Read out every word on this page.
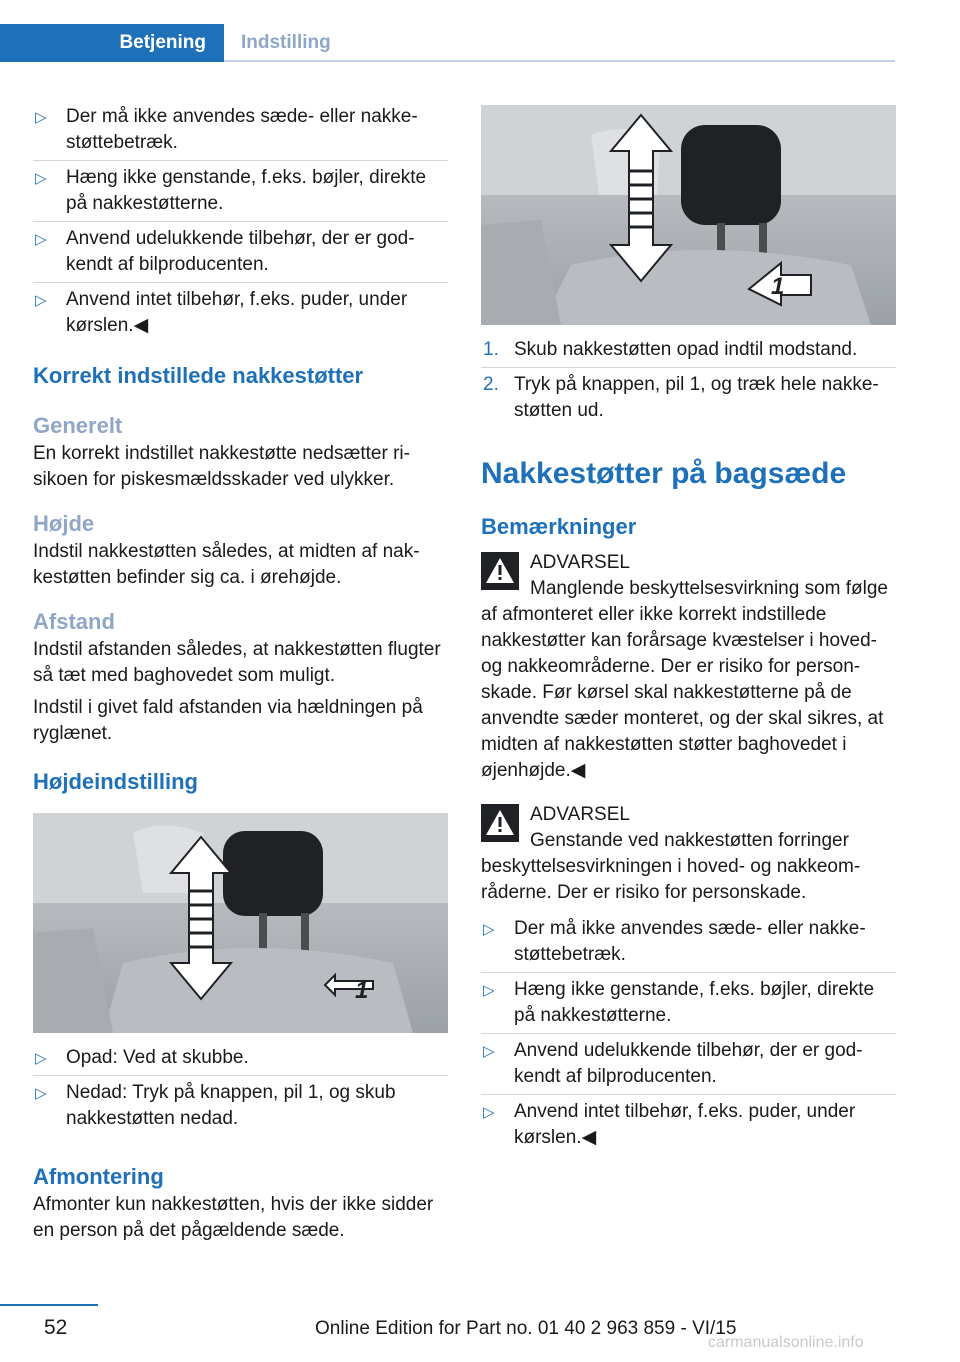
Betjening	Indstilling
▷ Der må ikke anvendes sæde- eller nakkestøttebetræk.
▷ Hæng ikke genstande, f.eks. bøjler, direkte på nakkestøtterne.
▷ Anvend udelukkende tilbehør, der er godkendt af bilproducenten.
▷ Anvend intet tilbehør, f.eks. puder, under kørslen.◀
Korrekt indstillede nakkestøtter
Generelt

En korrekt indstillet nakkestøtte nedsætter risikoen for piskesmældsskader ved ulykker.

Højde

Indstil nakkestøtten således, at midten af nakkestøtten befinder sig ca. i ørehøjde.

Afstand

Indstil afstanden således, at nakkestøtten flugter så tæt med baghovedet som muligt.

Indstil i givet fald afstanden via hældningen på ryglænet.

Højdeindstilling
1
▷ Opad: Ved at skubbe.
▷ Nedad: Tryk på knappen, pil 1, og skub nakkestøtten nedad.
Afmontering

Afmonter kun nakkestøtten, hvis der ikke sidder en person på det pågældende sæde.

1
1. Skub nakkestøtten opad indtil modstand.
2. Tryk på knappen, pil 1, og træk hele nakkestøtten ud.
Nakkestøtter på bagsæde
Bemærkninger
ADVARSEL

Manglende beskyttelsesvirkning som følge af afmonteret eller ikke korrekt indstillede nakkestøtter kan forårsage kvæstelser i hoved- og nakkeområderne. Der er risiko for personskade. Før kørsel skal nakkestøtterne på de anvendte sæder monteret, og der skal sikres, at midten af nakkestøtten støtter baghovedet i øjenhøjde.◀

ADVARSEL

Genstande ved nakkestøtten forringer beskyttelsesvirkningen i hoved- og nakkeområderne. Der er risiko for personskade.

▷ Der må ikke anvendes sæde- eller nakkestøttebetræk.
▷ Hæng ikke genstande, f.eks. bøjler, direkte på nakkestøtterne.
▷ Anvend udelukkende tilbehør, der er godkendt af bilproducenten.
▷ Anvend intet tilbehør, f.eks. puder, under kørslen.◀
52	Online Edition for Part no. 01 40 2 963 859 - VI/15
carmanualsonline.info
